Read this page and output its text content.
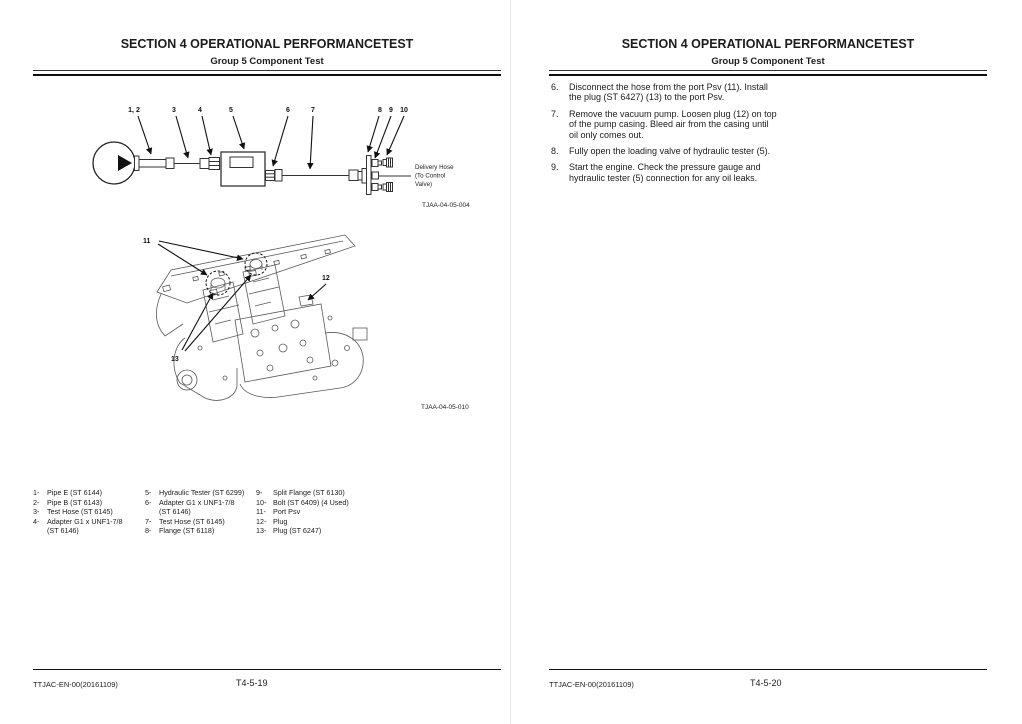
SECTION 4 OPERATIONAL PERFORMANCETEST
Group 5 Component Test
1, 2	3	4	5	6	7	8 9 10
Delivery Hose
(To Control
Valve)
TJAA-04-05-004
11
12
13
TJAA-04-05-010
1-	Pipe E (ST 6144)
2-	Pipe B (ST 6143)
3-	Test Hose (ST 6145)
4-	Adapter G1 x UNF1-7/8
(ST 6146)
5-	Hydraulic Tester (ST 6299)
6-	Adapter G1 x UNF1-7/8
(ST 6146)
7-	Test Hose (ST 6145)
8-	Flange (ST 6118)
9-	Split Flange (ST 6130)
10- Bolt (ST 6409) (4 Used)
11- Port Psv
12- Plug
13- Plug (ST 6247)
TTJAC-EN-00(20161109)	T4-5-19
SECTION 4 OPERATIONAL PERFORMANCETEST
Group 5 Component Test
6.	Disconnect the hose from the port Psv (11). Install
the plug (ST 6427) (13) to the port Psv.
7.	Remove the vacuum pump. Loosen plug (12) on top
of the pump casing. Bleed air from the casing until
oil only comes out.
8.	Fully open the loading valve of hydraulic tester (5).
9.	Start the engine. Check the pressure gauge and
hydraulic tester (5) connection for any oil leaks.
TTJAC-EN-00(20161109)	T4-5-20
